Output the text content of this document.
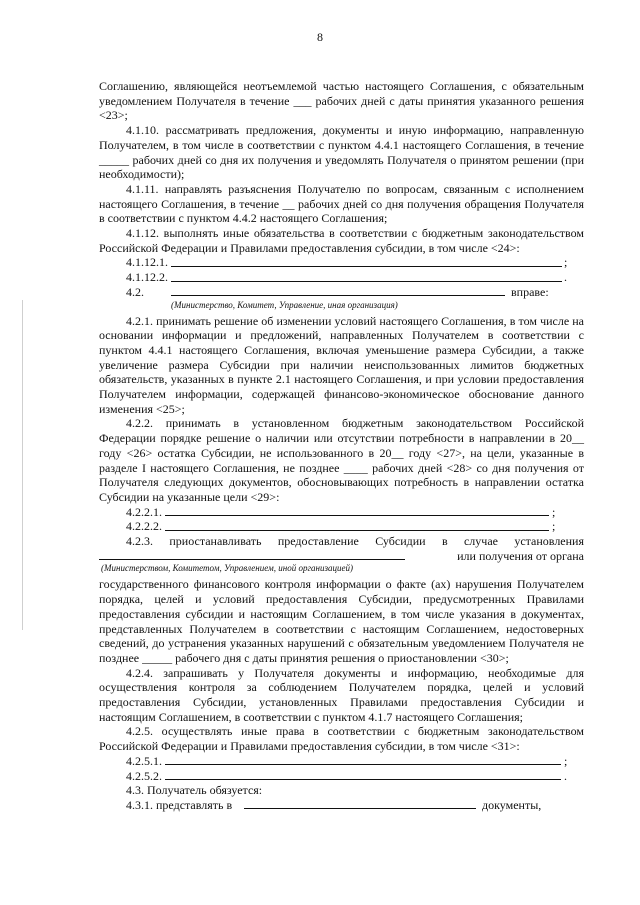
8

Соглашению, являющейся неотъемлемой частью настоящего Соглашения, с обязательным уведомлением Получателя в течение ___ рабочих дней с даты принятия указанного решения <23>;

4.1.10. рассматривать предложения, документы и иную информацию, направленную Получателем, в том числе в соответствии с пунктом 4.4.1 настоящего Соглашения, в течение _____ рабочих дней со дня их получения и уведомлять Получателя о принятом решении (при необходимости);

4.1.11. направлять разъяснения Получателю по вопросам, связанным с исполнением настоящего Соглашения, в течение __ рабочих дней со дня получения обращения Получателя в соответствии с пунктом 4.4.2 настоящего Соглашения;

4.1.12. выполнять иные обязательства в соответствии с бюджетным законодательством Российской Федерации и Правилами предоставления субсидии, в том числе <24>:

4.1.12.1.	;
4.1.12.2.	.
4.2.	вправе:

(Министерство, Комитет, Управление, иная организация)

4.2.1. принимать решение об изменении условий настоящего Соглашения, в том числе на основании информации и предложений, направленных Получателем в соответствии с пунктом 4.4.1 настоящего Соглашения, включая уменьшение размера Субсидии, а также увеличение размера Субсидии при наличии неиспользованных лимитов бюджетных обязательств, указанных в пункте 2.1 настоящего Соглашения, и при условии предоставления Получателем информации, содержащей финансово-экономическое обоснование данного изменения <25>;

4.2.2. принимать в установленном бюджетным законодательством Российской Федерации порядке решение о наличии или отсутствии потребности в направлении в 20__ году <26> остатка Субсидии, не использованного в 20__ году <27>, на цели, указанные в разделе I настоящего Соглашения, не позднее ____ рабочих дней <28> со дня получения от Получателя следующих документов, обосновывающих потребность в направлении остатка Субсидии на указанные цели <29>:

4.2.2.1.	;
4.2.2.2.	;

4.2.3. приостанавливать предоставление Субсидии в случае установления

или получения от органа

(Министерством, Комитетом, Управлением, иной организацией)

государственного финансового контроля информации о факте (ах) нарушения Получателем порядка, целей и условий предоставления Субсидии, предусмотренных Правилами предоставления субсидии и настоящим Соглашением, в том числе указания в документах, представленных Получателем в соответствии с настоящим Соглашением, недостоверных сведений, до устранения указанных нарушений с обязательным уведомлением Получателя не позднее _____ рабочего дня с даты принятия решения о приостановлении <30>;

4.2.4. запрашивать у Получателя документы и информацию, необходимые для осуществления контроля за соблюдением Получателем порядка, целей и условий предоставления Субсидии, установленных Правилами предоставления Субсидии и настоящим Соглашением, в соответствии с пунктом 4.1.7 настоящего Соглашения;

4.2.5. осуществлять иные права в соответствии с бюджетным законодательством Российской Федерации и Правилами предоставления субсидии, в том числе <31>:

4.2.5.1.	;
4.2.5.2.	.
4.3. Получатель обязуется:
4.3.1. представлять в	документы,
